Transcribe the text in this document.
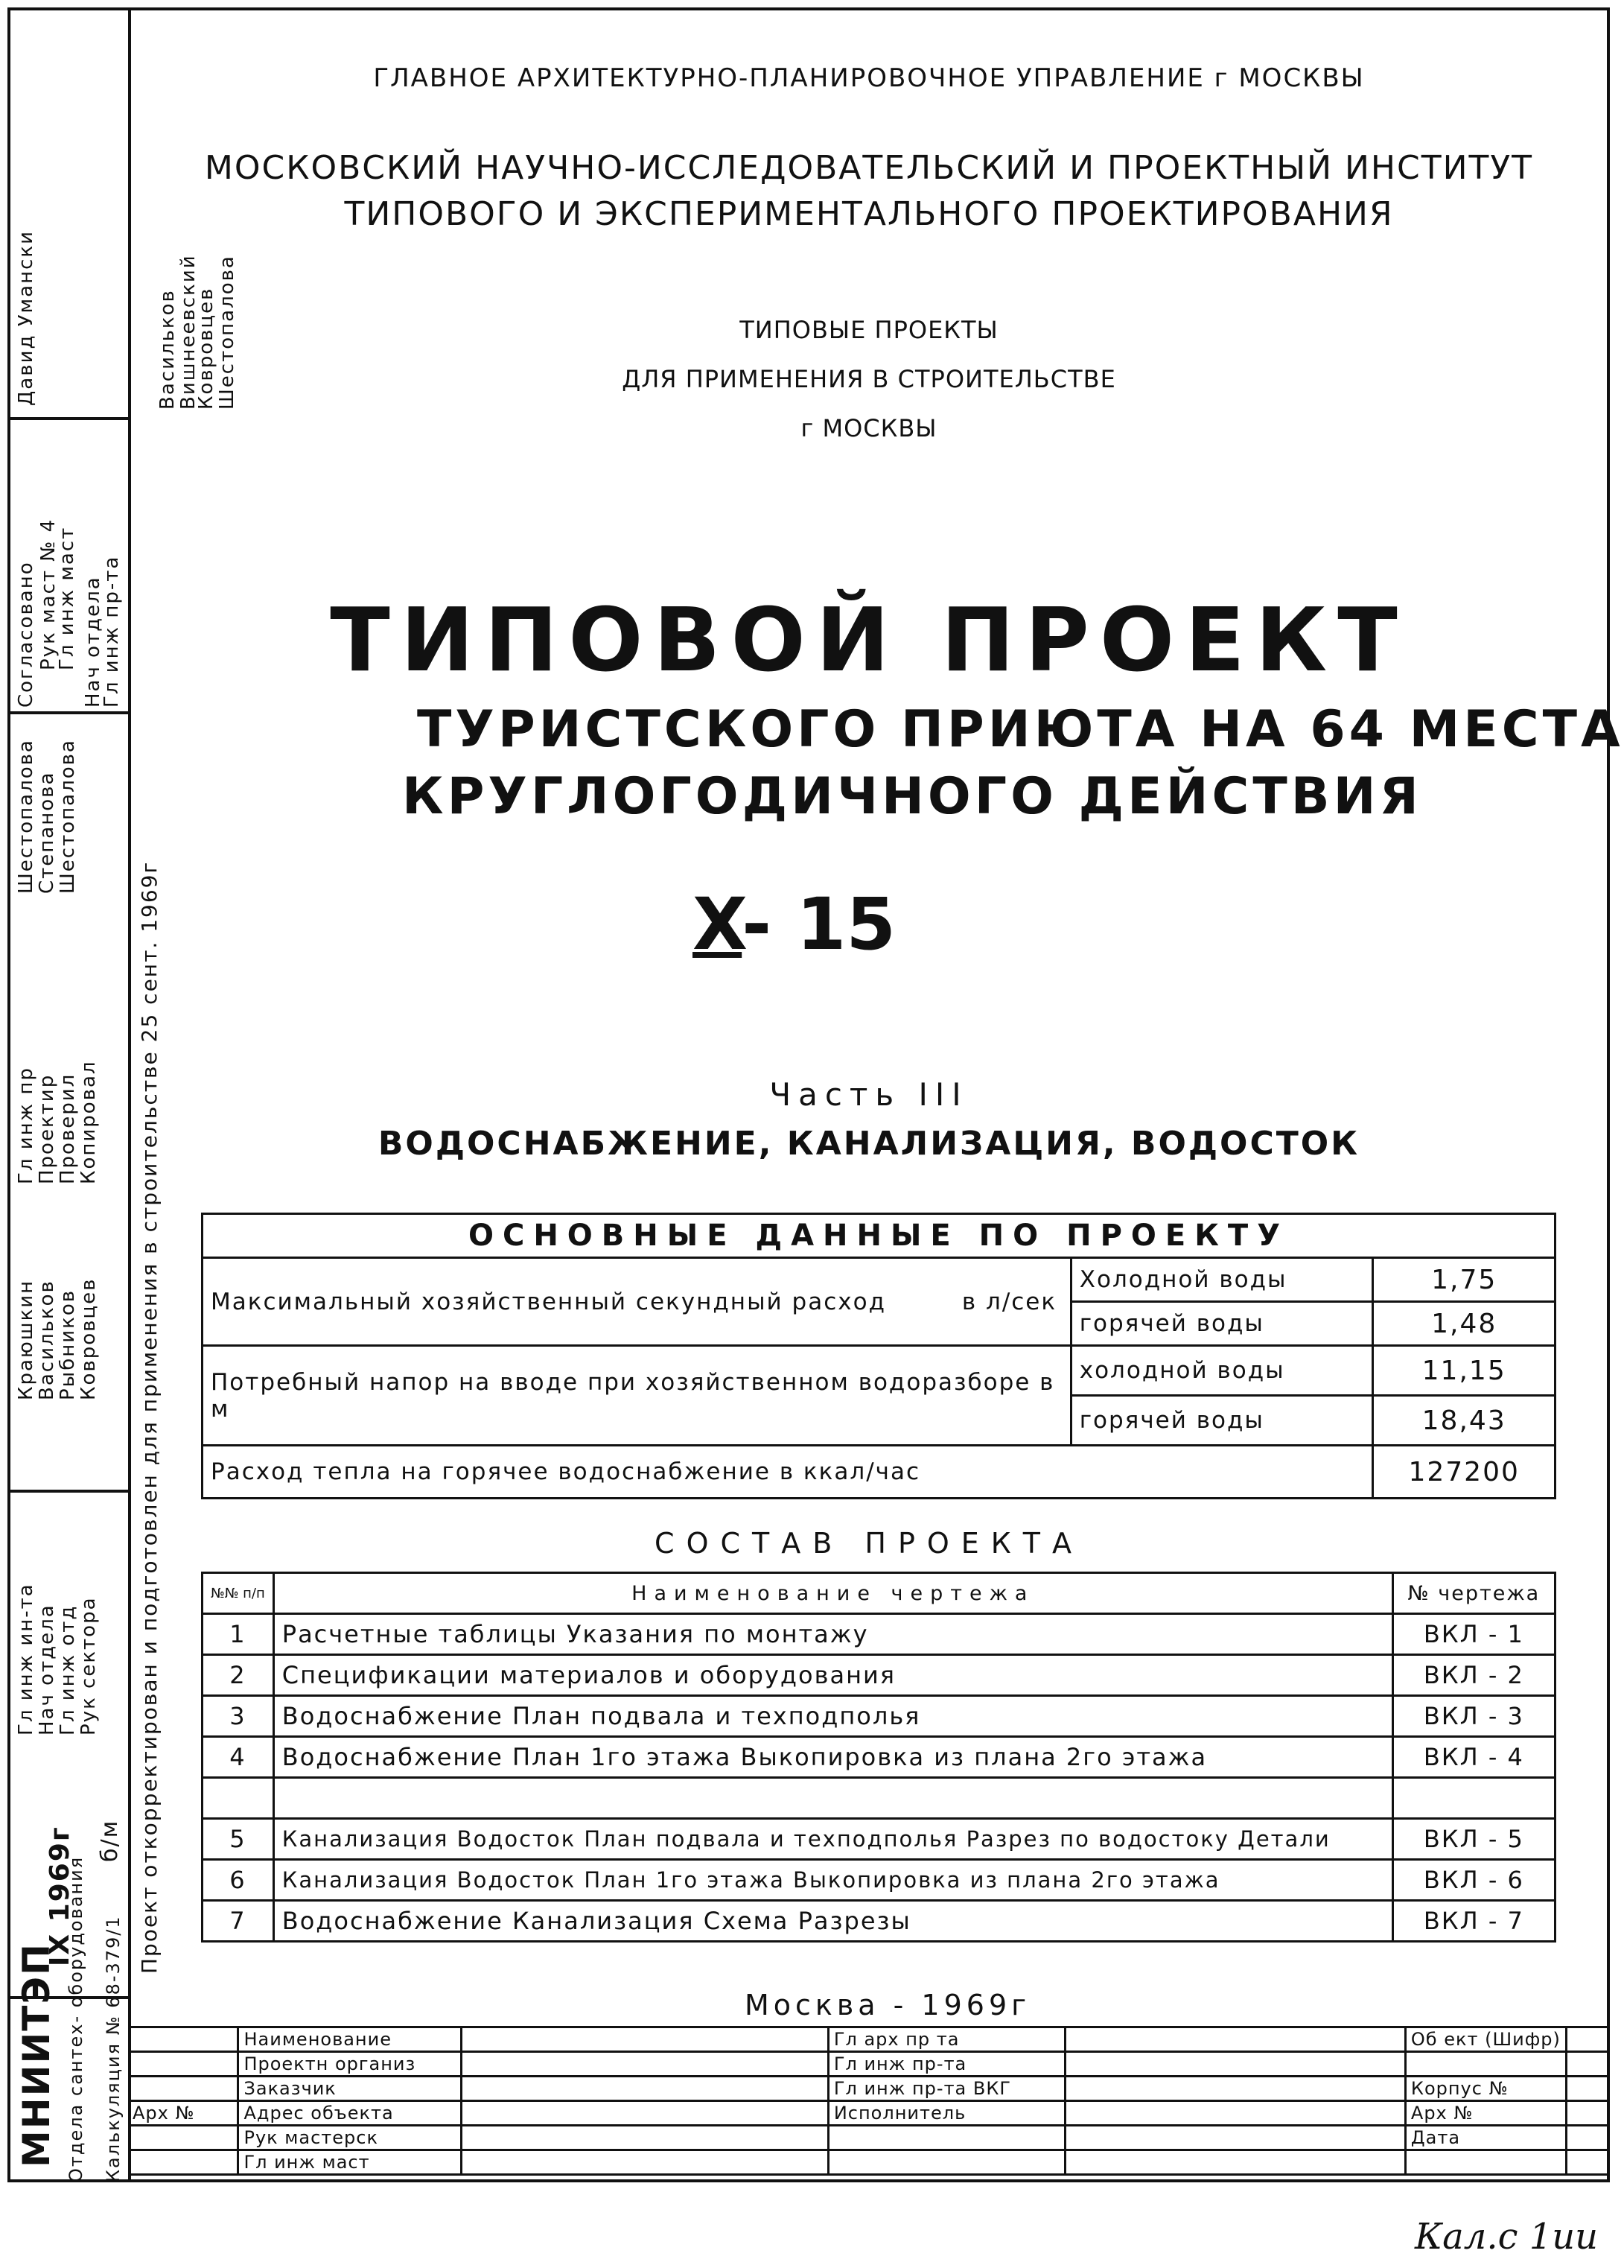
Согласовано
Давид Умански
Рук маст № 4
Гл инж маст Нач отдела
Гл инж пр-та
Васильков
Вишнеевский
Ковровцев
Шестопалова
Шестопалова
Степанова
Шестопалова
Гл инж пр
Проектир
Проверил
Копировал
Краюшкин
Васильков
Рыбников
Ковровцев
Гл инж ин-та
Нач отдела
Гл инж отд
Рук сектора Проект откорректирован и подготовлен для применения в строительстве 25 сент. 1969г
IX 1969г б/м
Отдела сантех- оборудования Калькуляция № 68-379/1
МНИИТЭП
ГЛАВНОЕ АРХИТЕКТУРНО-ПЛАНИРОВОЧНОЕ УПРАВЛЕНИЕ г МОСКВЫ
МОСКОВСКИЙ НАУЧНО-ИССЛЕДОВАТЕЛЬСКИЙ И ПРОЕКТНЫЙ ИНСТИТУТ
ТИПОВОГО И ЭКСПЕРИМЕНТАЛЬНОГО ПРОЕКТИРОВАНИЯ
ТИПОВЫЕ ПРОЕКТЫ
ДЛЯ ПРИМЕНЕНИЯ В СТРОИТЕЛЬСТВЕ
г МОСКВЫ
ТИПОВОЙ ПРОЕКТ
ТУРИСТСКОГО ПРИЮТА НА 64 МЕСТА
КРУГЛОГОДИЧНОГО ДЕЙСТВИЯ
X- 15
Часть III
ВОДОСНАБЖЕНИЕ, КАНАЛИЗАЦИЯ, ВОДОСТОК
ОСНОВНЫЕ ДАННЫЕ ПО ПРОЕКТУ		
Максимальный хозяйственный секундный расход в л/сек	Холодной воды	1,75
	горячей воды	1,48
Потребный напор на вводе при хозяйственном водоразборе в м	холодной воды	11,15
	горячей воды	18,43
Расход тепла на горячее водоснабжение в ккал/час		127200
СОСТАВ ПРОЕКТА
№№ п/п	Наименование чертежа	№ чертежа
1	Расчетные таблицы Указания по монтажу	ВКЛ - 1
2	Спецификации материалов и оборудования	ВКЛ - 2
3	Водоснабжение План подвала и техподполья	ВКЛ - 3
4	Водоснабжение План 1го этажа Выкопировка из плана 2го этажа	ВКЛ - 4

5	Канализация Водосток План подвала и техподполья Разрез по водостоку Детали	ВКЛ - 5
6	Канализация Водосток План 1го этажа Выкопировка из плана 2го этажа	ВКЛ - 6
7	Водоснабжение Канализация Схема Разрезы	ВКЛ - 7
Москва - 1969г
	Наименование		Гл арх пр та		Об ект (Шифр)	
	Проектн организ		Гл инж пр-та			
	Заказчик		Гл инж пр-та ВКГ		Корпус №	
Арх №	Адрес объекта		Исполнитель		Арх №	
	Рук мастерск				Дата	
	Гл инж маст					
Кал.с 1ии
